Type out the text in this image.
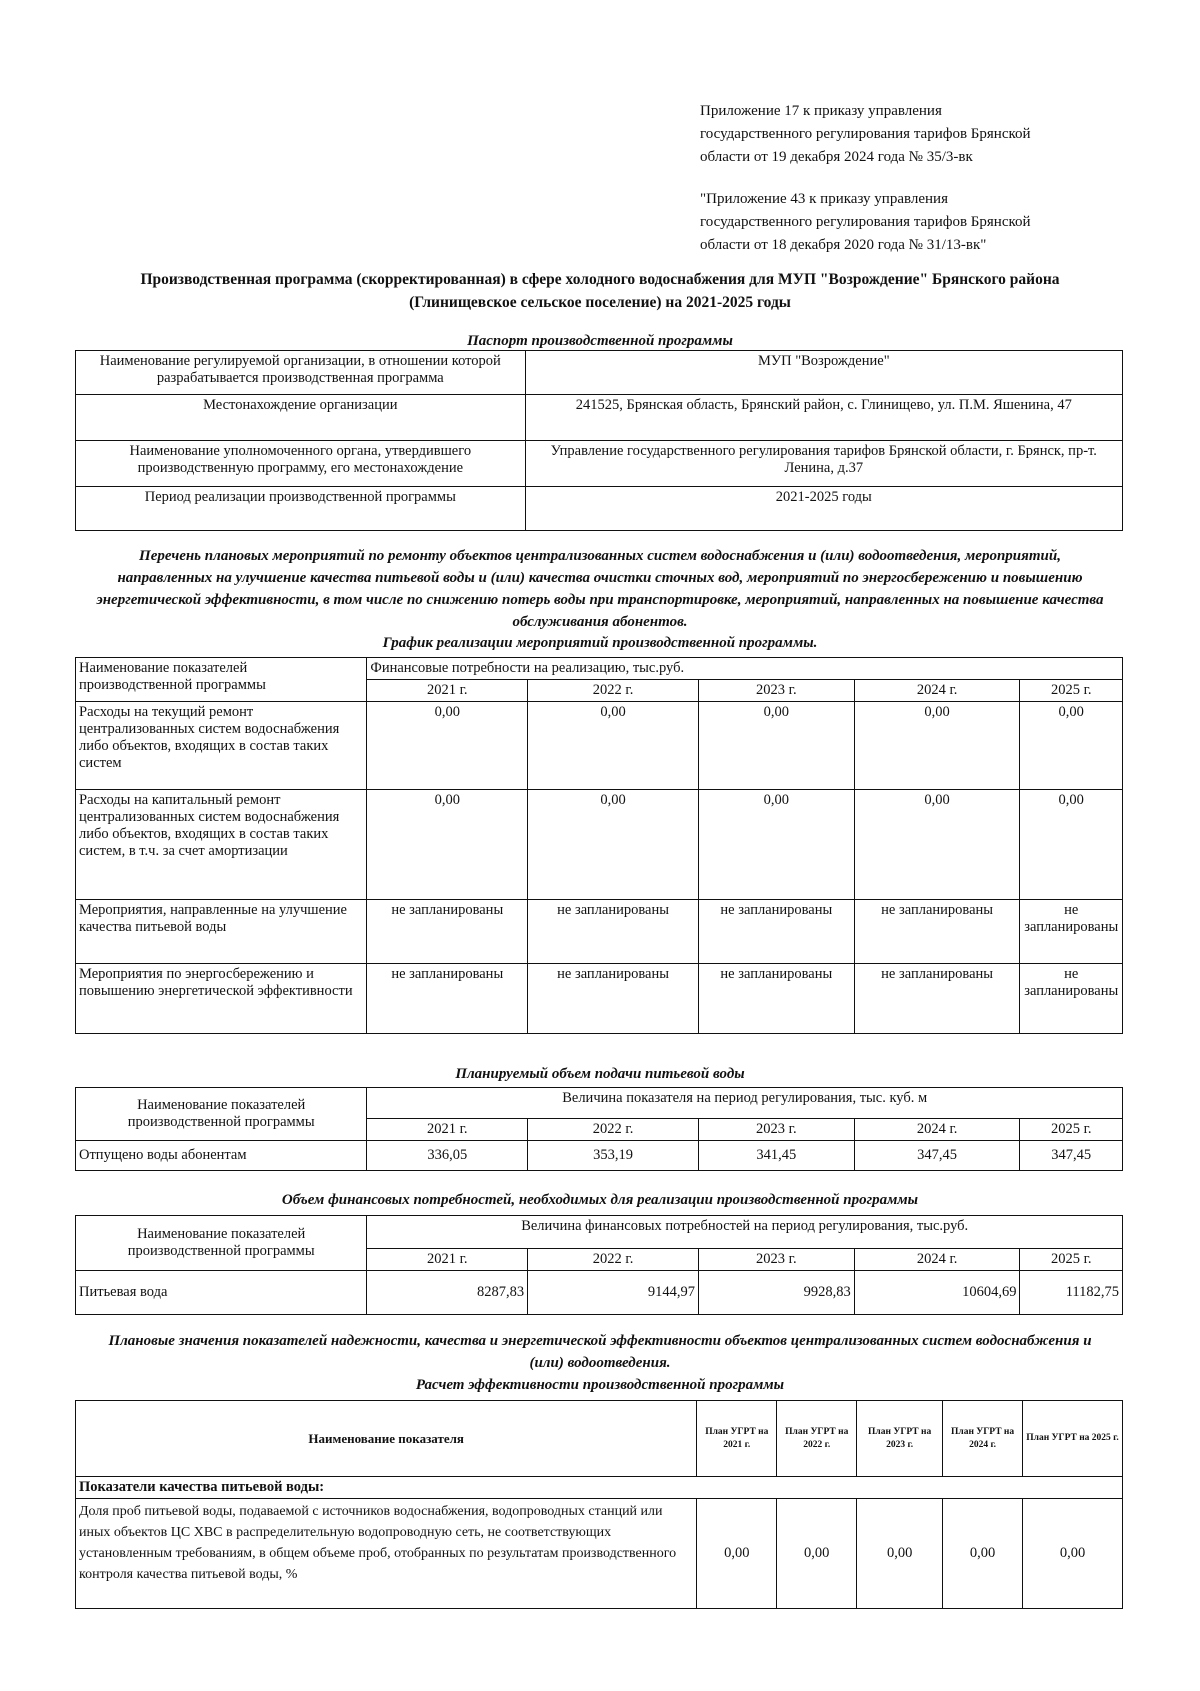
Приложение 17 к приказу управления
государственного регулирования тарифов Брянской
области от 19 декабря 2024 года № 35/3-вк

"Приложение 43 к приказу управления
государственного регулирования тарифов Брянской
области от 18 декабря 2020 года № 31/13-вк"

Производственная программа (скорректированная) в сфере холодного водоснабжения для МУП "Возрождение" Брянского района (Глинищевское сельское поселение) на 2021-2025 годы
Паспорт производственной программы
Наименование регулируемой организации, в отношении которой разрабатывается производственная программа	МУП "Возрождение"
Местонахождение организации	241525, Брянская область, Брянский район, с. Глинищево, ул. П.М. Яшенина, 47
Наименование уполномоченного органа, утвердившего производственную программу, его местонахождение	Управление государственного регулирования тарифов Брянской области, г. Брянск, пр-т. Ленина, д.37
Период реализации производственной программы	2021-2025 годы
Перечень плановых мероприятий по ремонту объектов централизованных систем водоснабжения и (или) водоотведения, мероприятий, направленных на улучшение качества питьевой воды и (или) качества очистки сточных вод, мероприятий по энергосбережению и повышению энергетической эффективности, в том числе по снижению потерь воды при транспортировке, мероприятий, направленных на повышение качества обслуживания абонентов.
График реализации мероприятий производственной программы.
Наименование показателей производственной программы	Финансовые потребности на реализацию, тыс.руб.				
	2021 г.	2022 г.	2023 г.	2024 г.	2025 г.
Расходы на текущий ремонт централизованных систем водоснабжения либо объектов, входящих в состав таких систем	0,00	0,00	0,00	0,00	0,00
Расходы на капитальный ремонт централизованных систем водоснабжения либо объектов, входящих в состав таких систем, в т.ч. за счет амортизации	0,00	0,00	0,00	0,00	0,00
Мероприятия, направленные на улучшение качества питьевой воды	не запланированы	не запланированы	не запланированы	не запланированы	не запланированы
Мероприятия по энергосбережению и повышению энергетической эффективности	не запланированы	не запланированы	не запланированы	не запланированы	не запланированы
Планируемый объем подачи питьевой воды
Наименование показателей производственной программы	Величина показателя на период регулирования, тыс. куб. м				
	2021 г.	2022 г.	2023 г.	2024 г.	2025 г.
Отпущено воды абонентам	336,05	353,19	341,45	347,45	347,45
Объем финансовых потребностей, необходимых для реализации производственной программы
Наименование показателей производственной программы	Величина финансовых потребностей на период регулирования, тыс.руб.				
	2021 г.	2022 г.	2023 г.	2024 г.	2025 г.
Питьевая вода	8287,83	9144,97	9928,83	10604,69	11182,75
Плановые значения показателей надежности, качества и энергетической эффективности объектов централизованных систем водоснабжения и (или) водоотведения.
Расчет эффективности производственной программы
Наименование показателя	План УГРТ на 2021 г.	План УГРТ на 2022 г.	План УГРТ на 2023 г.	План УГРТ на 2024 г.	План УГРТ на 2025 г.
Показатели качества питьевой воды:					
Доля проб питьевой воды, подаваемой с источников водоснабжения, водопроводных станций или иных объектов ЦС ХВС в распределительную водопроводную сеть, не соответствующих установленным требованиям, в общем объеме проб, отобранных по результатам производственного контроля качества питьевой воды, %	0,00	0,00	0,00	0,00	0,00
